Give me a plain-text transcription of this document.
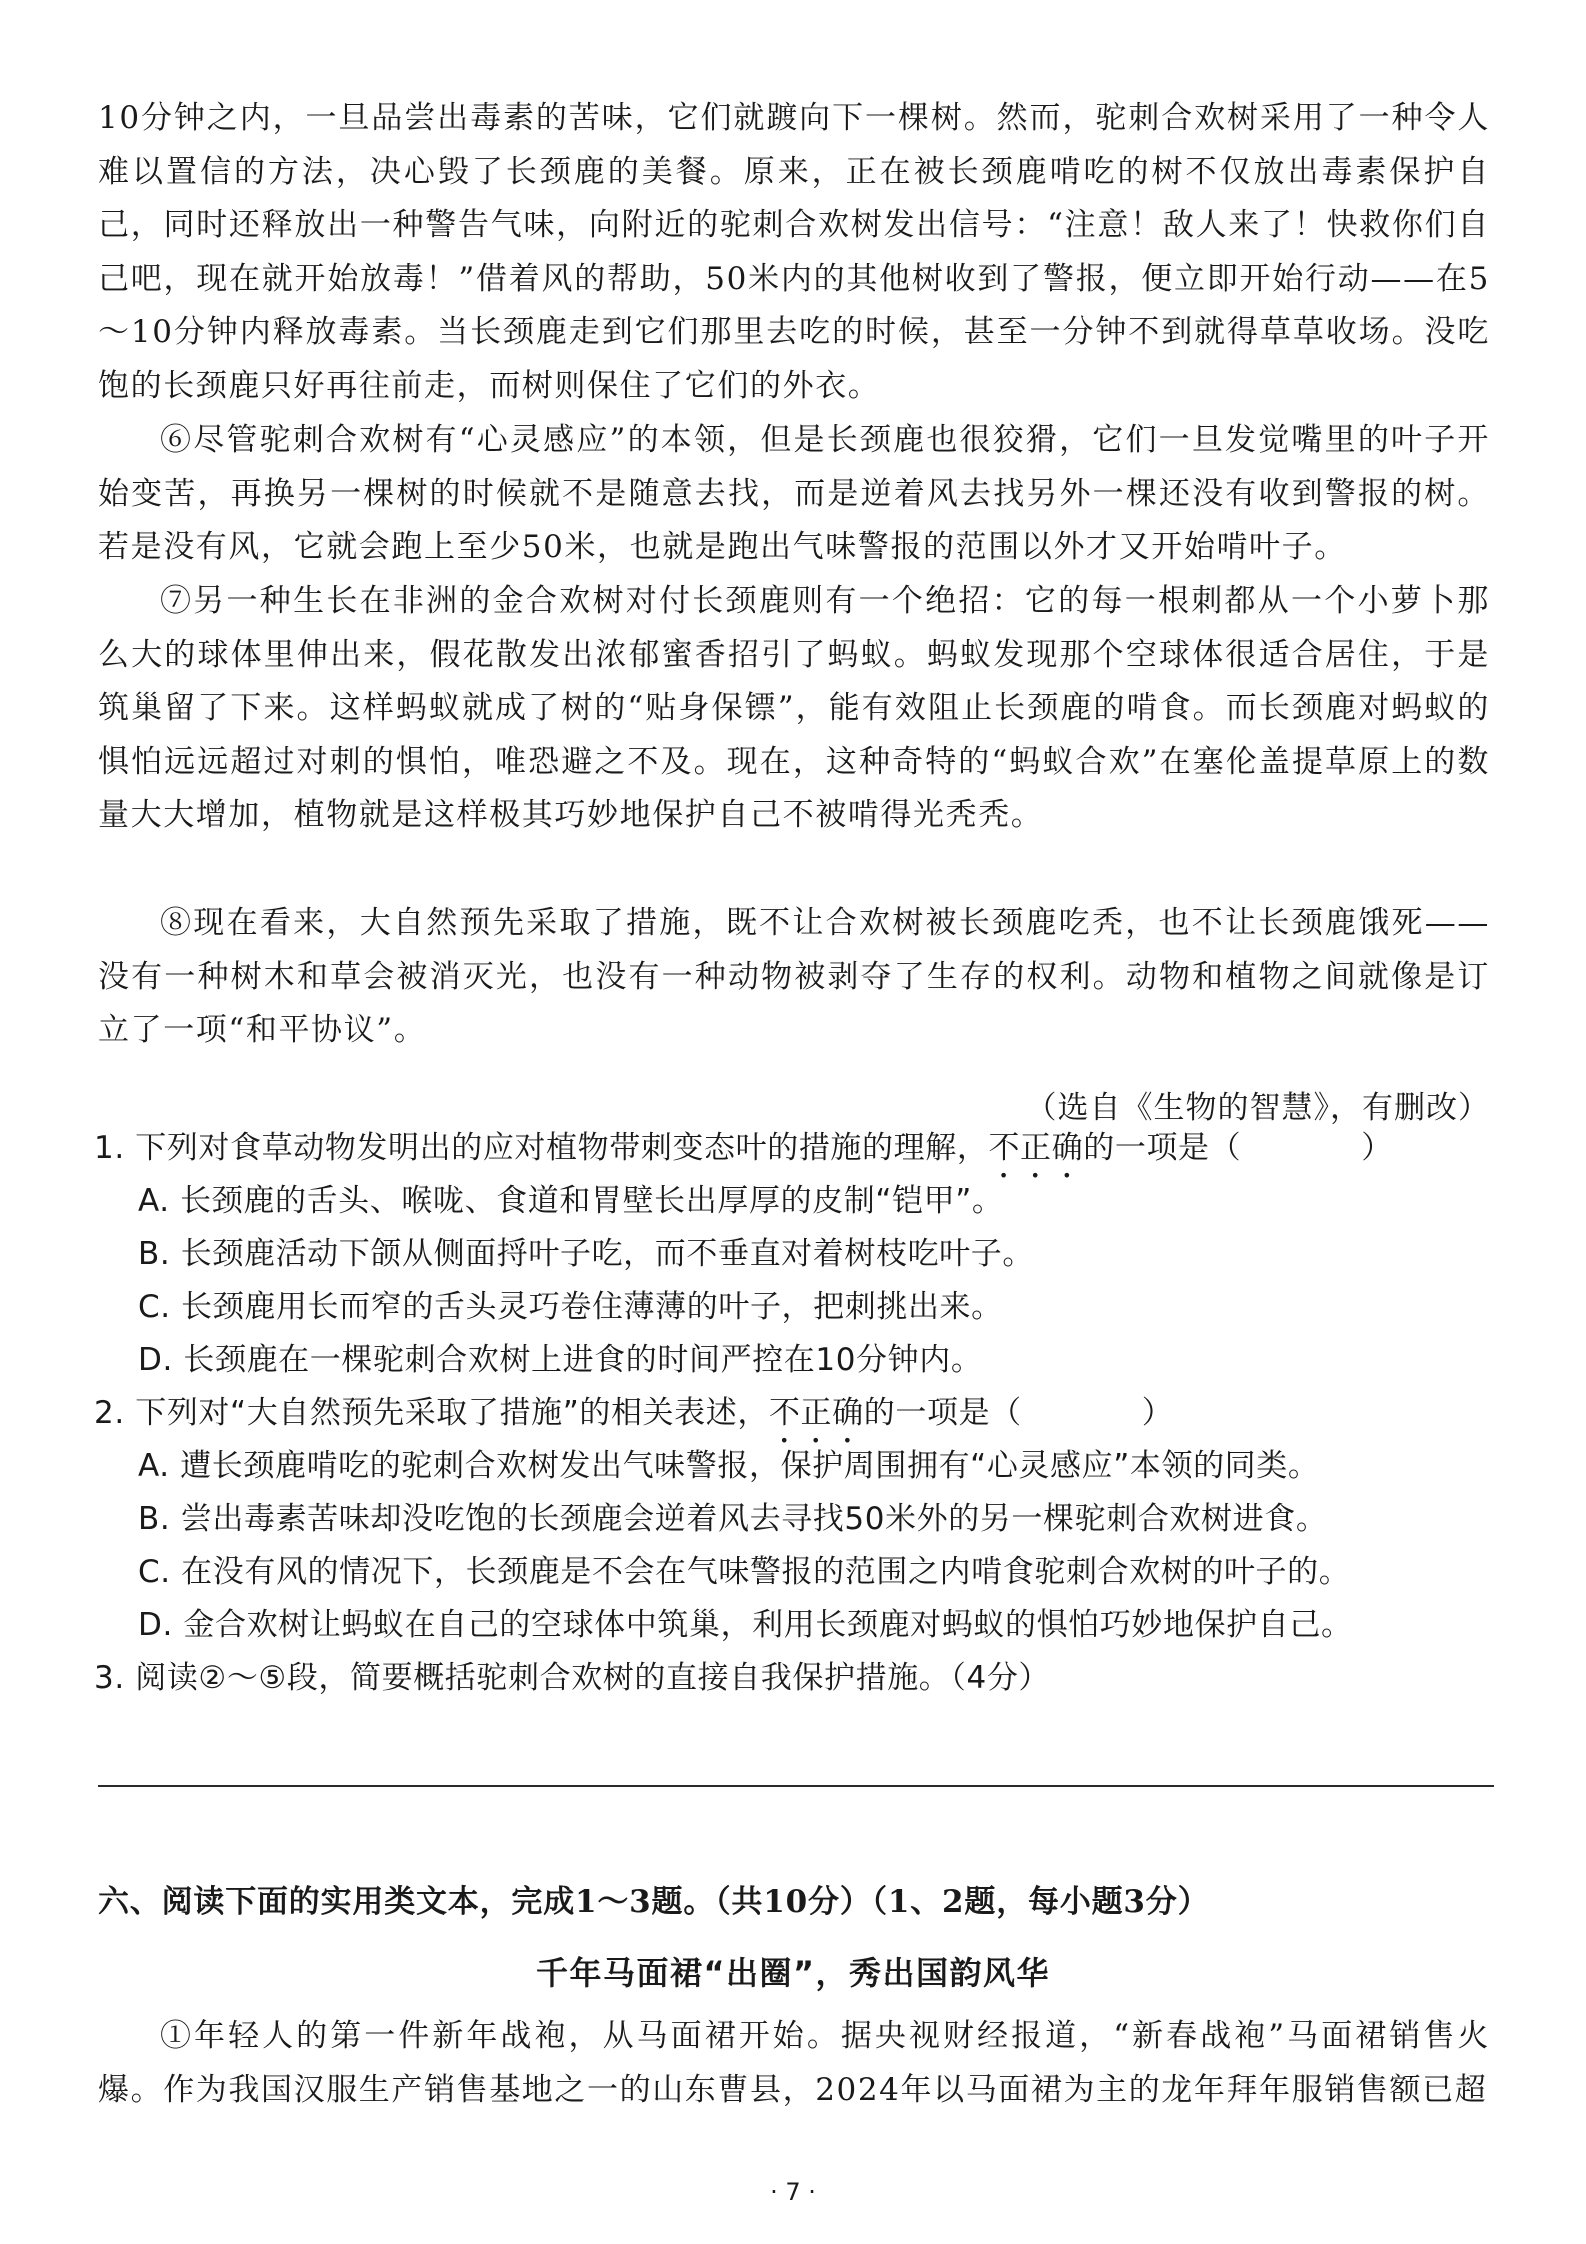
10分钟之内，一旦品尝出毒素的苦味，它们就踱向下一棵树。然而，驼刺合欢树采用了一种令人难以置信的方法，决心毁了长颈鹿的美餐。原来，正在被长颈鹿啃吃的树不仅放出毒素保护自己，同时还释放出一种警告气味，向附近的驼刺合欢树发出信号：“注意！敌人来了！快救你们自己吧，现在就开始放毒！”借着风的帮助，50米内的其他树收到了警报，便立即开始行动——在5～10分钟内释放毒素。当长颈鹿走到它们那里去吃的时候，甚至一分钟不到就得草草收场。没吃饱的长颈鹿只好再往前走，而树则保住了它们的外衣。

⑥尽管驼刺合欢树有“心灵感应”的本领，但是长颈鹿也很狡猾，它们一旦发觉嘴里的叶子开始变苦，再换另一棵树的时候就不是随意去找，而是逆着风去找另外一棵还没有收到警报的树。若是没有风，它就会跑上至少50米，也就是跑出气味警报的范围以外才又开始啃叶子。

⑦另一种生长在非洲的金合欢树对付长颈鹿则有一个绝招：它的每一根刺都从一个小萝卜那么大的球体里伸出来，假花散发出浓郁蜜香招引了蚂蚁。蚂蚁发现那个空球体很适合居住，于是筑巢留了下来。这样蚂蚁就成了树的“贴身保镖”，能有效阻止长颈鹿的啃食。而长颈鹿对蚂蚁的惧怕远远超过对刺的惧怕，唯恐避之不及。现在，这种奇特的“蚂蚁合欢”在塞伦盖提草原上的数量大大增加，植物就是这样极其巧妙地保护自己不被啃得光秃秃。

⑧现在看来，大自然预先采取了措施，既不让合欢树被长颈鹿吃秃，也不让长颈鹿饿死——没有一种树木和草会被消灭光，也没有一种动物被剥夺了生存的权利。动物和植物之间就像是订立了一项“和平协议”。

（选自《生物的智慧》，有删改）

1. 下列对食草动物发明出的应对植物带刺变态叶的措施的理解，不正确的一项是（	）

A. 长颈鹿的舌头、喉咙、食道和胃壁长出厚厚的皮制“铠甲”。

B. 长颈鹿活动下颌从侧面捋叶子吃，而不垂直对着树枝吃叶子。

C. 长颈鹿用长而窄的舌头灵巧卷住薄薄的叶子，把刺挑出来。

D. 长颈鹿在一棵驼刺合欢树上进食的时间严控在10分钟内。

2. 下列对“大自然预先采取了措施”的相关表述，不正确的一项是（	）

A. 遭长颈鹿啃吃的驼刺合欢树发出气味警报，保护周围拥有“心灵感应”本领的同类。

B. 尝出毒素苦味却没吃饱的长颈鹿会逆着风去寻找50米外的另一棵驼刺合欢树进食。

C. 在没有风的情况下，长颈鹿是不会在气味警报的范围之内啃食驼刺合欢树的叶子的。

D. 金合欢树让蚂蚁在自己的空球体中筑巢，利用长颈鹿对蚂蚁的惧怕巧妙地保护自己。

3. 阅读②～⑤段，简要概括驼刺合欢树的直接自我保护措施。（4分）

六、阅读下面的实用类文本，完成1～3题。（共10分）（1、2题，每小题3分）

千年马面裙“出圈”，秀出国韵风华

①年轻人的第一件新年战袍，从马面裙开始。据央视财经报道，“新春战袍”马面裙销售火爆。作为我国汉服生产销售基地之一的山东曹县，2024年以马面裙为主的龙年拜年服销售额已超

· 7 ·
